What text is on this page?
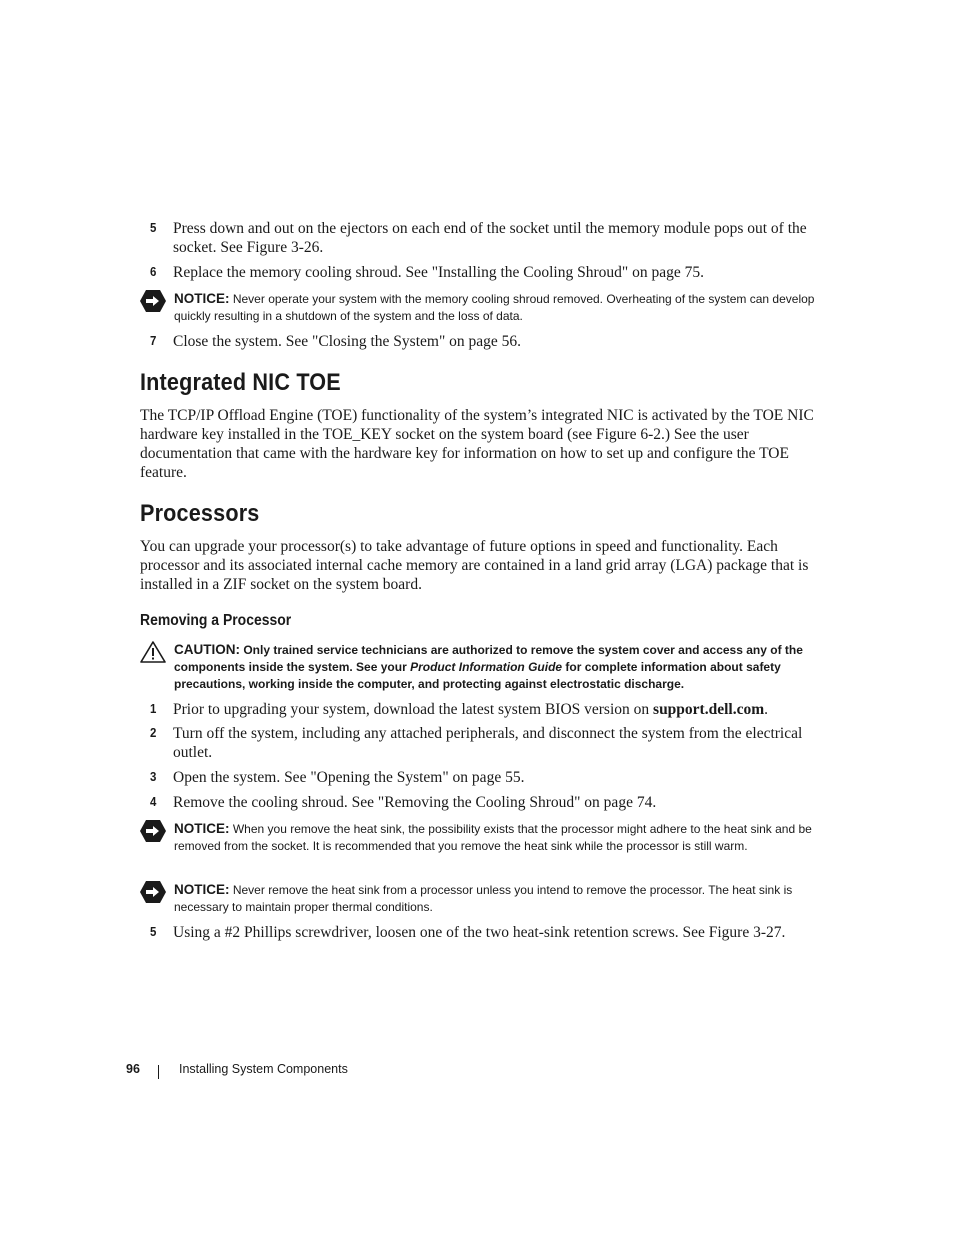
5 Press down and out on the ejectors on each end of the socket until the memory module pops out of the socket. See Figure 3-26.
6 Replace the memory cooling shroud. See "Installing the Cooling Shroud" on page 75.
NOTICE: Never operate your system with the memory cooling shroud removed. Overheating of the system can develop quickly resulting in a shutdown of the system and the loss of data.
7 Close the system. See "Closing the System" on page 56.
Integrated NIC TOE

The TCP/IP Offload Engine (TOE) functionality of the system’s integrated NIC is activated by the TOE NIC hardware key installed in the TOE_KEY socket on the system board (see Figure 6-2.) See the user documentation that came with the hardware key for information on how to set up and configure the TOE feature.

Processors

You can upgrade your processor(s) to take advantage of future options in speed and functionality. Each processor and its associated internal cache memory are contained in a land grid array (LGA) package that is installed in a ZIF socket on the system board.

Removing a Processor
CAUTION: Only trained service technicians are authorized to remove the system cover and access any of the components inside the system. See your Product Information Guide for complete information about safety precautions, working inside the computer, and protecting against electrostatic discharge.
1 Prior to upgrading your system, download the latest system BIOS version on support.dell.com.
2 Turn off the system, including any attached peripherals, and disconnect the system from the electrical outlet.
3 Open the system. See "Opening the System" on page 55.
4 Remove the cooling shroud. See "Removing the Cooling Shroud" on page 74.
NOTICE: When you remove the heat sink, the possibility exists that the processor might adhere to the heat sink and be removed from the socket. It is recommended that you remove the heat sink while the processor is still warm.
NOTICE: Never remove the heat sink from a processor unless you intend to remove the processor. The heat sink is necessary to maintain proper thermal conditions.
5 Using a #2 Phillips screwdriver, loosen one of the two heat-sink retention screws. See Figure 3-27.
96	Installing System Components
